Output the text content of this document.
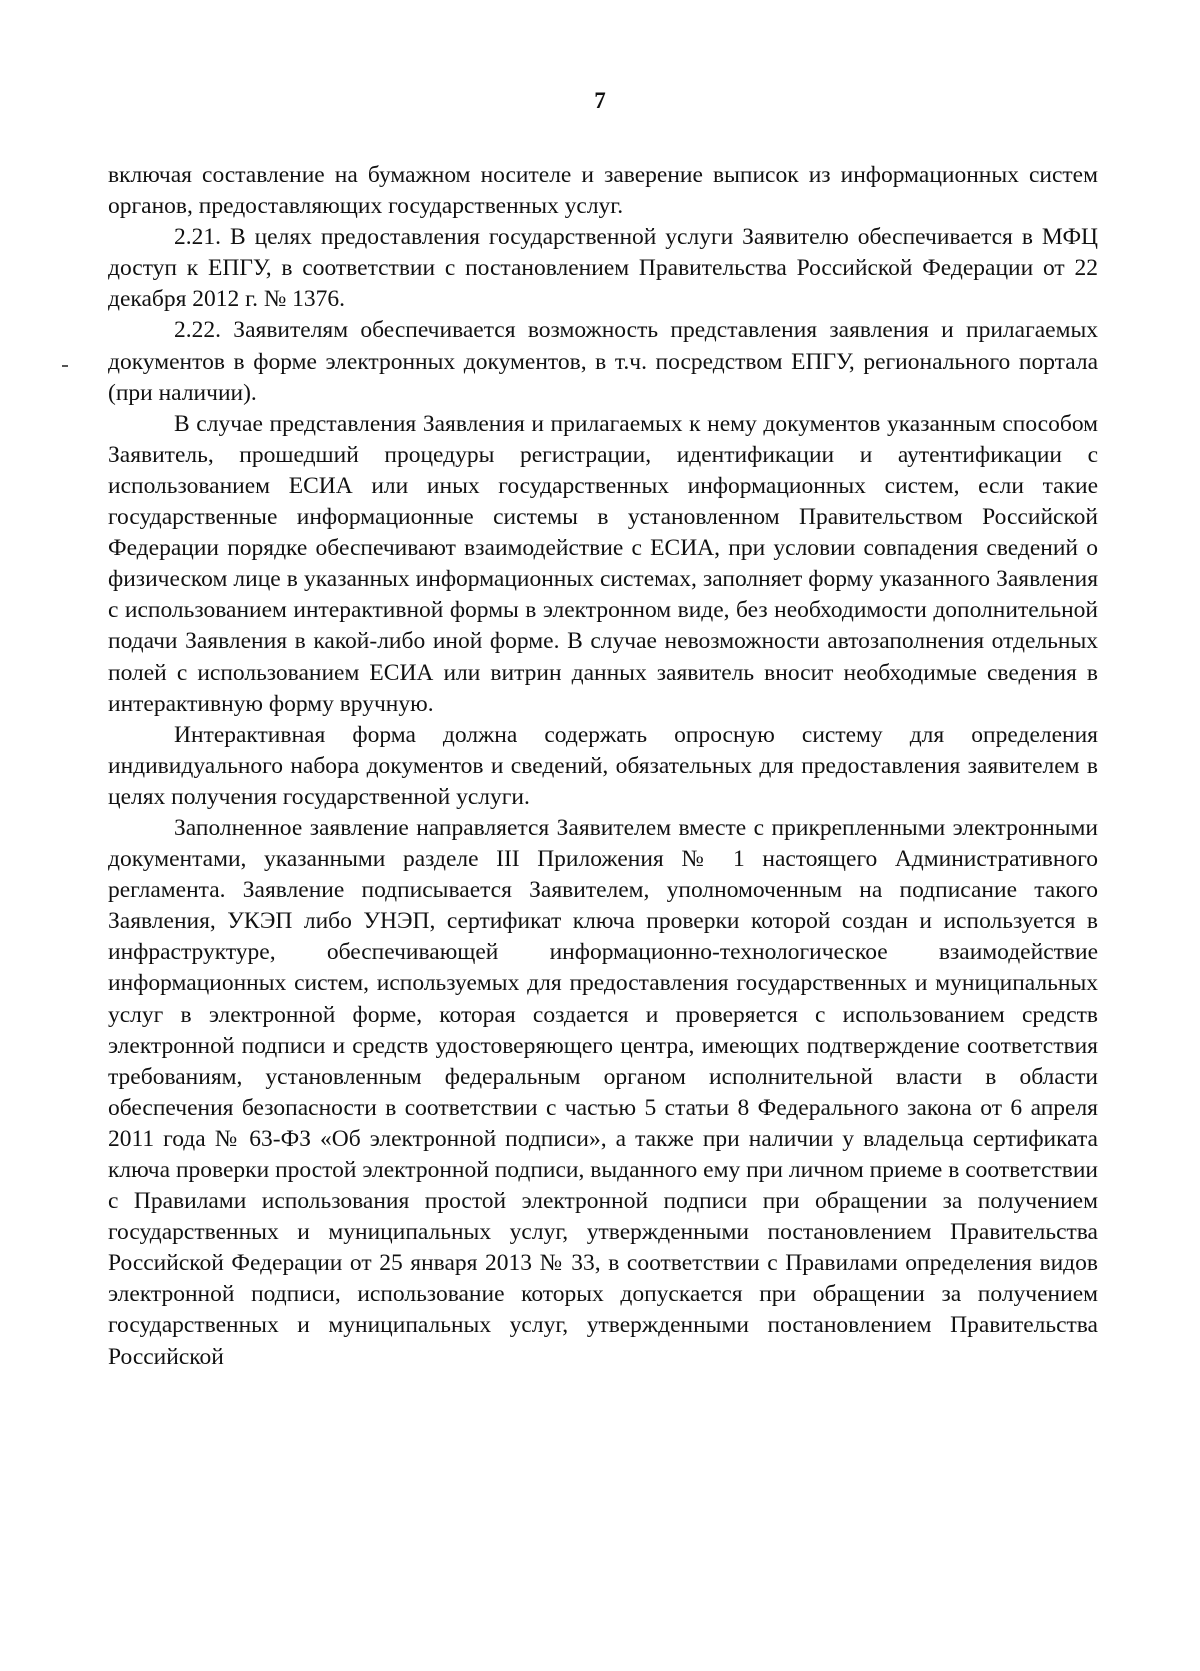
7

включая составление на бумажном носителе и заверение выписок из информационных систем органов, предоставляющих государственных услуг.

2.21. В целях предоставления государственной услуги Заявителю обеспечивается в МФЦ доступ к ЕПГУ, в соответствии с постановлением Правительства Российской Федерации от 22 декабря 2012 г. № 1376.

2.22. Заявителям обеспечивается возможность представления заявления и прилагаемых документов в форме электронных документов, в т.ч. посредством ЕПГУ, регионального портала (при наличии).

В случае представления Заявления и прилагаемых к нему документов указанным способом Заявитель, прошедший процедуры регистрации, идентификации и аутентификации с использованием ЕСИА или иных государственных информационных систем, если такие государственные информационные системы в установленном Правительством Российской Федерации порядке обеспечивают взаимодействие с ЕСИА, при условии совпадения сведений о физическом лице в указанных информационных системах, заполняет форму указанного Заявления с использованием интерактивной формы в электронном виде, без необходимости дополнительной подачи Заявления в какой-либо иной форме. В случае невозможности автозаполнения отдельных полей с использованием ЕСИА или витрин данных заявитель вносит необходимые сведения в интерактивную форму вручную.

Интерактивная форма должна содержать опросную систему для определения индивидуального набора документов и сведений, обязательных для предоставления заявителем в целях получения государственной услуги.

Заполненное заявление направляется Заявителем вместе с прикрепленными электронными документами, указанными разделе III Приложения № 1 настоящего Административного регламента. Заявление подписывается Заявителем, уполномоченным на подписание такого Заявления, УКЭП либо УНЭП, сертификат ключа проверки которой создан и используется в инфраструктуре, обеспечивающей информационно-технологическое взаимодействие информационных систем, используемых для предоставления государственных и муниципальных услуг в электронной форме, которая создается и проверяется с использованием средств электронной подписи и средств удостоверяющего центра, имеющих подтверждение соответствия требованиям, установленным федеральным органом исполнительной власти в области обеспечения безопасности в соответствии с частью 5 статьи 8 Федерального закона от 6 апреля 2011 года № 63-ФЗ «Об электронной подписи», а также при наличии у владельца сертификата ключа проверки простой электронной подписи, выданного ему при личном приеме в соответствии с Правилами использования простой электронной подписи при обращении за получением государственных и муниципальных услуг, утвержденными постановлением Правительства Российской Федерации от 25 января 2013 № 33, в соответствии с Правилами определения видов электронной подписи, использование которых допускается при обращении за получением государственных и муниципальных услуг, утвержденными постановлением Правительства Российской
